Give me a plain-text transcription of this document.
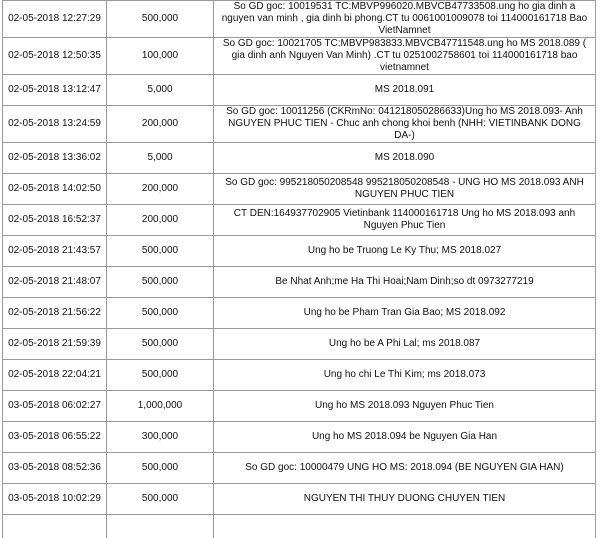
02-05-2018 12:27:29	500,000	So GD goc: 10019531 TC:MBVP996020.MBVCB47733508.ung ho gia dinh a nguyen van minh , gia dinh bi phong.CT tu 0061001009078 toi 114000161718 Bao VietNamnet
02-05-2018 12:50:35	100,000	So GD goc: 10021705 TC:MBVP983833.MBVCB47711548.ung ho MS 2018.089 ( gia dinh anh Nguyen Van Minh) .CT tu 0251002758601 toi 114000161718 bao vietnamnet
02-05-2018 13:12:47	5,000	MS 2018.091
02-05-2018 13:24:59	200,000	So GD goc: 10011256 (CKRmNo: 041218050286633)Ung ho MS 2018.093- Anh NGUYEN PHUC TIEN - Chuc anh chong khoi benh (NHH: VIETINBANK DONG DA-)
02-05-2018 13:36:02	5,000	MS 2018.090
02-05-2018 14:02:50	200,000	So GD goc: 995218050208548 995218050208548 - UNG HO MS 2018.093 ANH NGUYEN PHUC TIEN
02-05-2018 16:52:37	200,000	CT DEN:164937702905 Vietinbank 114000161718 Ung ho MS 2018.093 anh Nguyen Phuc Tien
02-05-2018 21:43:57	500,000	Ung ho be Truong Le Ky Thu; MS 2018.027
02-05-2018 21:48:07	500,000	Be Nhat Anh;me Ha Thi Hoai;Nam Dinh;so dt 0973277219
02-05-2018 21:56:22	500,000	Ung ho be Pham Tran Gia Bao; MS 2018.092
02-05-2018 21:59:39	500,000	Ung ho be A Phi Lal; ms 2018.087
02-05-2018 22:04:21	500,000	Ung ho chi Le Thi Kim; ms 2018.073
03-05-2018 06:02:27	1,000,000	Ung ho MS 2018.093 Nguyen Phuc Tien
03-05-2018 06:55:22	300,000	Ung ho MS 2018.094 be Nguyen Gia Han
03-05-2018 08:52:36	500,000	So GD goc: 10000479 UNG HO MS: 2018.094 (BE NGUYEN GIA HAN)
03-05-2018 10:02:29	500,000	NGUYEN THI THUY DUONG CHUYEN TIEN
